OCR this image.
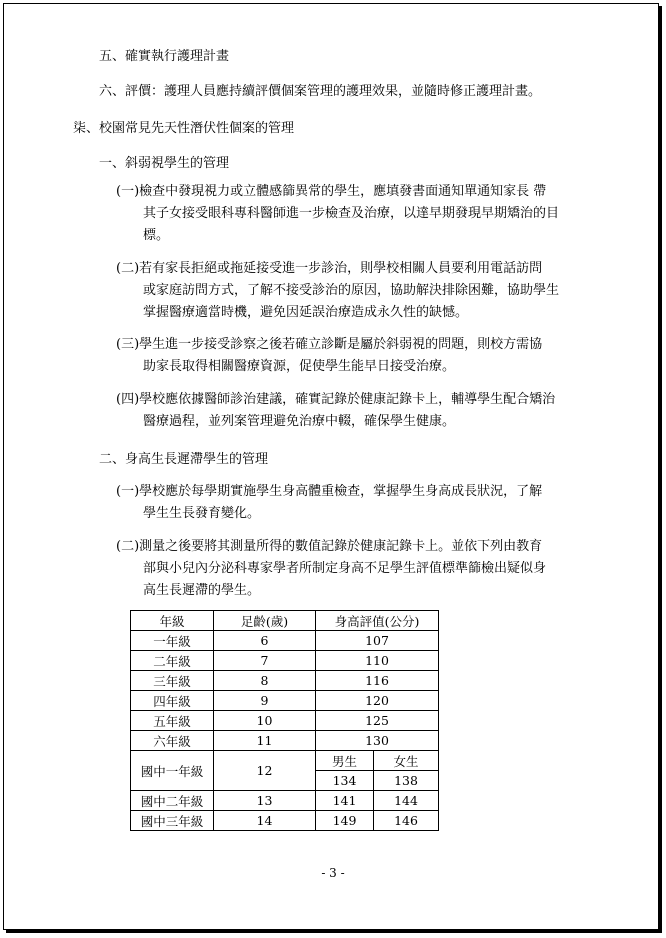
五、確實執行護理計畫
六、評價：護理人員應持續評價個案管理的護理效果，並隨時修正護理計畫。
柒、校園常見先天性潛伏性個案的管理
一、斜弱視學生的管理
(一)檢查中發現視力或立體感篩異常的學生，應填發書面通知單通知家長 帶
其子女接受眼科專科醫師進一步檢查及治療，以達早期發現早期矯治的目
標。
(二)若有家長拒絕或拖延接受進一步診治，則學校相關人員要利用電話訪問
或家庭訪問方式，了解不接受診治的原因，協助解決排除困難，協助學生
掌握醫療適當時機，避免因延誤治療造成永久性的缺憾。
(三)學生進一步接受診察之後若確立診斷是屬於斜弱視的問題，則校方需協
助家長取得相關醫療資源，促使學生能早日接受治療。
(四)學校應依據醫師診治建議，確實記錄於健康記錄卡上，輔導學生配合矯治
醫療過程，並列案管理避免治療中輟，確保學生健康。
二、身高生長遲滯學生的管理
(一)學校應於每學期實施學生身高體重檢查，掌握學生身高成長狀況，了解
學生生長發育變化。
(二)測量之後要將其測量所得的數值記錄於健康記錄卡上。並依下列由教育
部與小兒內分泌科專家學者所制定身高不足學生評值標準篩檢出疑似身
高生長遲滯的學生。
年級	足齡(歲)	身高評值(公分)	
一年級	6	107	
二年級	7	110	
三年級	8	116	
四年級	9	120	
五年級	10	125	
六年級	11	130	
國中一年級	12	男生	女生
		134	138
國中二年級	13	141	144
國中三年級	14	149	146
- 3 -
